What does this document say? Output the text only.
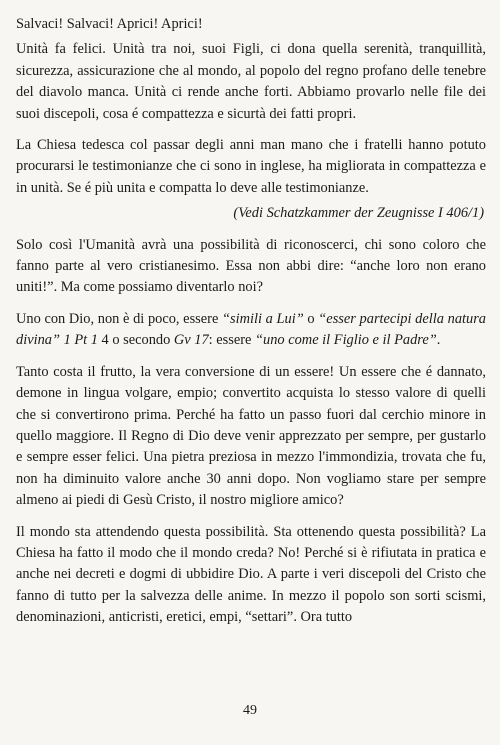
Salvaci! Salvaci! Aprici! Aprici!

Unità fa felici. Unità tra noi, suoi Figli, ci dona quella serenità, tranquillità, sicurezza, assicurazione che al mondo, al popolo del regno profano delle tenebre del diavolo manca. Unità ci rende anche forti. Abbiamo provarlo nelle file dei suoi discepoli, cosa é compattezza e sicurtà dei fatti propri.

La Chiesa tedesca col passar degli anni man mano che i fratelli hanno potuto procurarsi le testimonianze che ci sono in inglese, ha migliorata in compattezza e in unità. Se é più unita e compatta lo deve alle testimonianze.

(Vedi Schatzkammer der Zeugnisse I 406/1)

Solo così l'Umanità avrà una possibilità di riconoscerci, chi sono coloro che fanno parte al vero cristianesimo. Essa non abbi dire: “anche loro non erano uniti!”. Ma come possiamo diventarlo noi?

Uno con Dio, non è di poco, essere “simili a Lui” o “esser partecipi della natura divina” 1 Pt 1 4 o secondo Gv 17: essere “uno come il Figlio e il Padre”.

Tanto costa il frutto, la vera conversione di un essere! Un essere che é dannato, demone in lingua volgare, empio; convertito acquista lo stesso valore di quelli che si convertirono prima. Perché ha fatto un passo fuori dal cerchio minore in quello maggiore. Il Regno di Dio deve venir apprezzato per sempre, per gustarlo e sempre esser felici. Una pietra preziosa in mezzo l'immondizia, trovata che fu, non ha diminuito valore anche 30 anni dopo. Non vogliamo stare per sempre almeno ai piedi di Gesù Cristo, il nostro migliore amico?

Il mondo sta attendendo questa possibilità. Sta ottenendo questa possibilità? La Chiesa ha fatto il modo che il mondo creda? No! Perché si è rifiutata in pratica e anche nei decreti e dogmi di ubbidire Dio. A parte i veri discepoli del Cristo che fanno di tutto per la salvezza delle anime. In mezzo il popolo son sorti scismi, denominazioni, anticristi, eretici, empi, “settari”. Ora tutto

49
